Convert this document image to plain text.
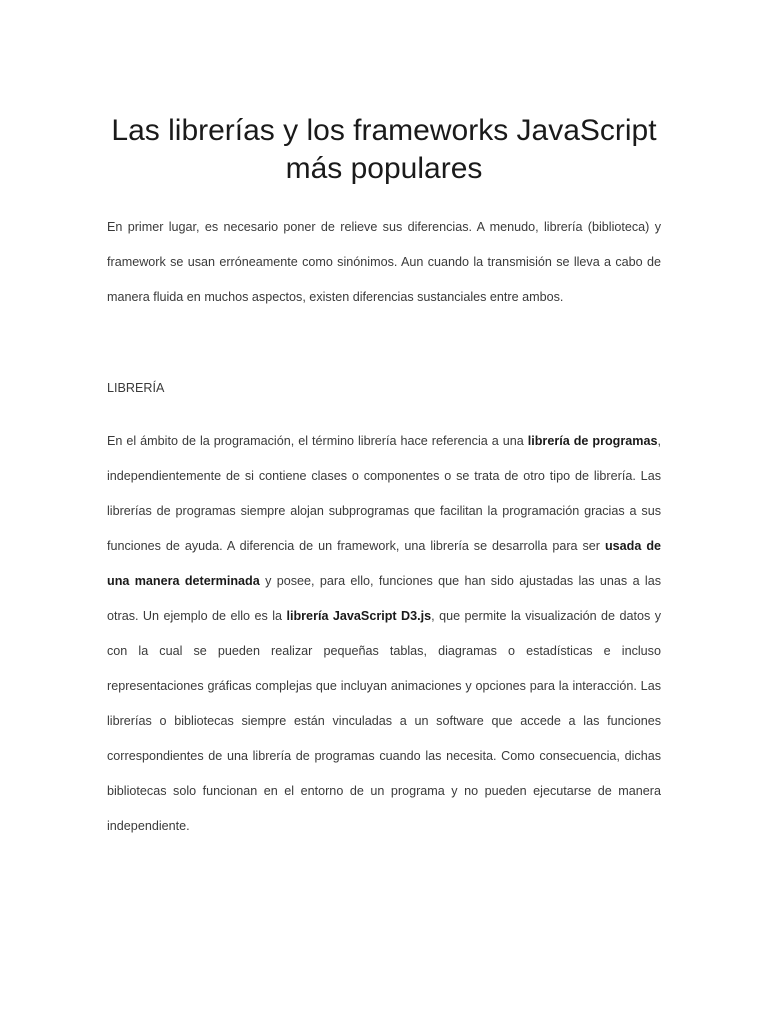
Las librerías y los frameworks JavaScript más populares

En primer lugar, es necesario poner de relieve sus diferencias. A menudo, librería (biblioteca) y framework se usan erróneamente como sinónimos. Aun cuando la transmisión se lleva a cabo de manera fluida en muchos aspectos, existen diferencias sustanciales entre ambos.

LIBRERÍA

En el ámbito de la programación, el término librería hace referencia a una librería de programas, independientemente de si contiene clases o componentes o se trata de otro tipo de librería. Las librerías de programas siempre alojan subprogramas que facilitan la programación gracias a sus funciones de ayuda. A diferencia de un framework, una librería se desarrolla para ser usada de una manera determinada y posee, para ello, funciones que han sido ajustadas las unas a las otras. Un ejemplo de ello es la librería JavaScript D3.js, que permite la visualización de datos y con la cual se pueden realizar pequeñas tablas, diagramas o estadísticas e incluso representaciones gráficas complejas que incluyan animaciones y opciones para la interacción. Las librerías o bibliotecas siempre están vinculadas a un software que accede a las funciones correspondientes de una librería de programas cuando las necesita. Como consecuencia, dichas bibliotecas solo funcionan en el entorno de un programa y no pueden ejecutarse de manera independiente.
